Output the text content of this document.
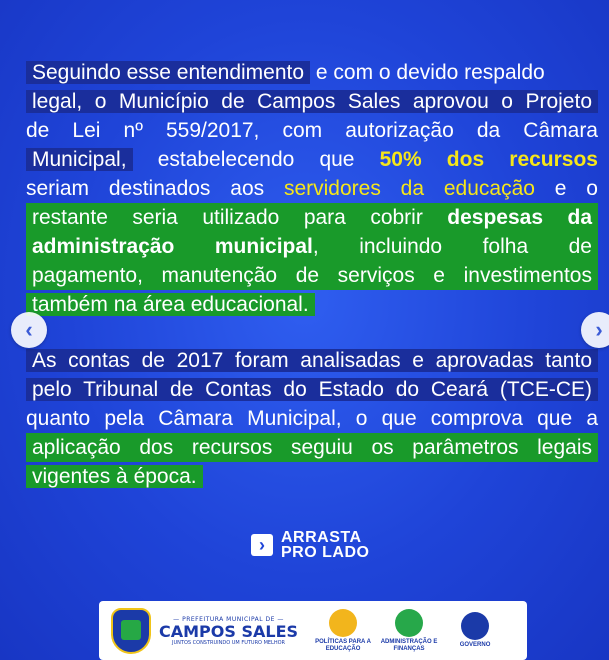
Seguindo esse entendimento e com o devido respaldo
legal, o Município de Campos Sales aprovou o Projeto
de Lei nº 559/2017, com autorização da Câmara
Municipal, estabelecendo que 50% dos recursos
seriam destinados aos servidores da educação e o
restante seria utilizado para cobrir despesas da
administração municipal, incluindo folha de
pagamento, manutenção de serviços e investimentos
também na área educacional.
As contas de 2017 foram analisadas e aprovadas tanto
pelo Tribunal de Contas do Estado do Ceará (TCE-CE)
quanto pela Câmara Municipal, o que comprova que a
aplicação dos recursos seguiu os parâmetros legais
vigentes à época.
‹	›
› ARRASTA
PRO LADO
— PREFEITURA MUNICIPAL DE —
CAMPOS SALES
JUNTOS CONSTRUINDO UM FUTURO MELHOR	POLÍTICAS PARA A EDUCAÇÃO
ADMINISTRAÇÃO E FINANÇAS
GOVERNO
